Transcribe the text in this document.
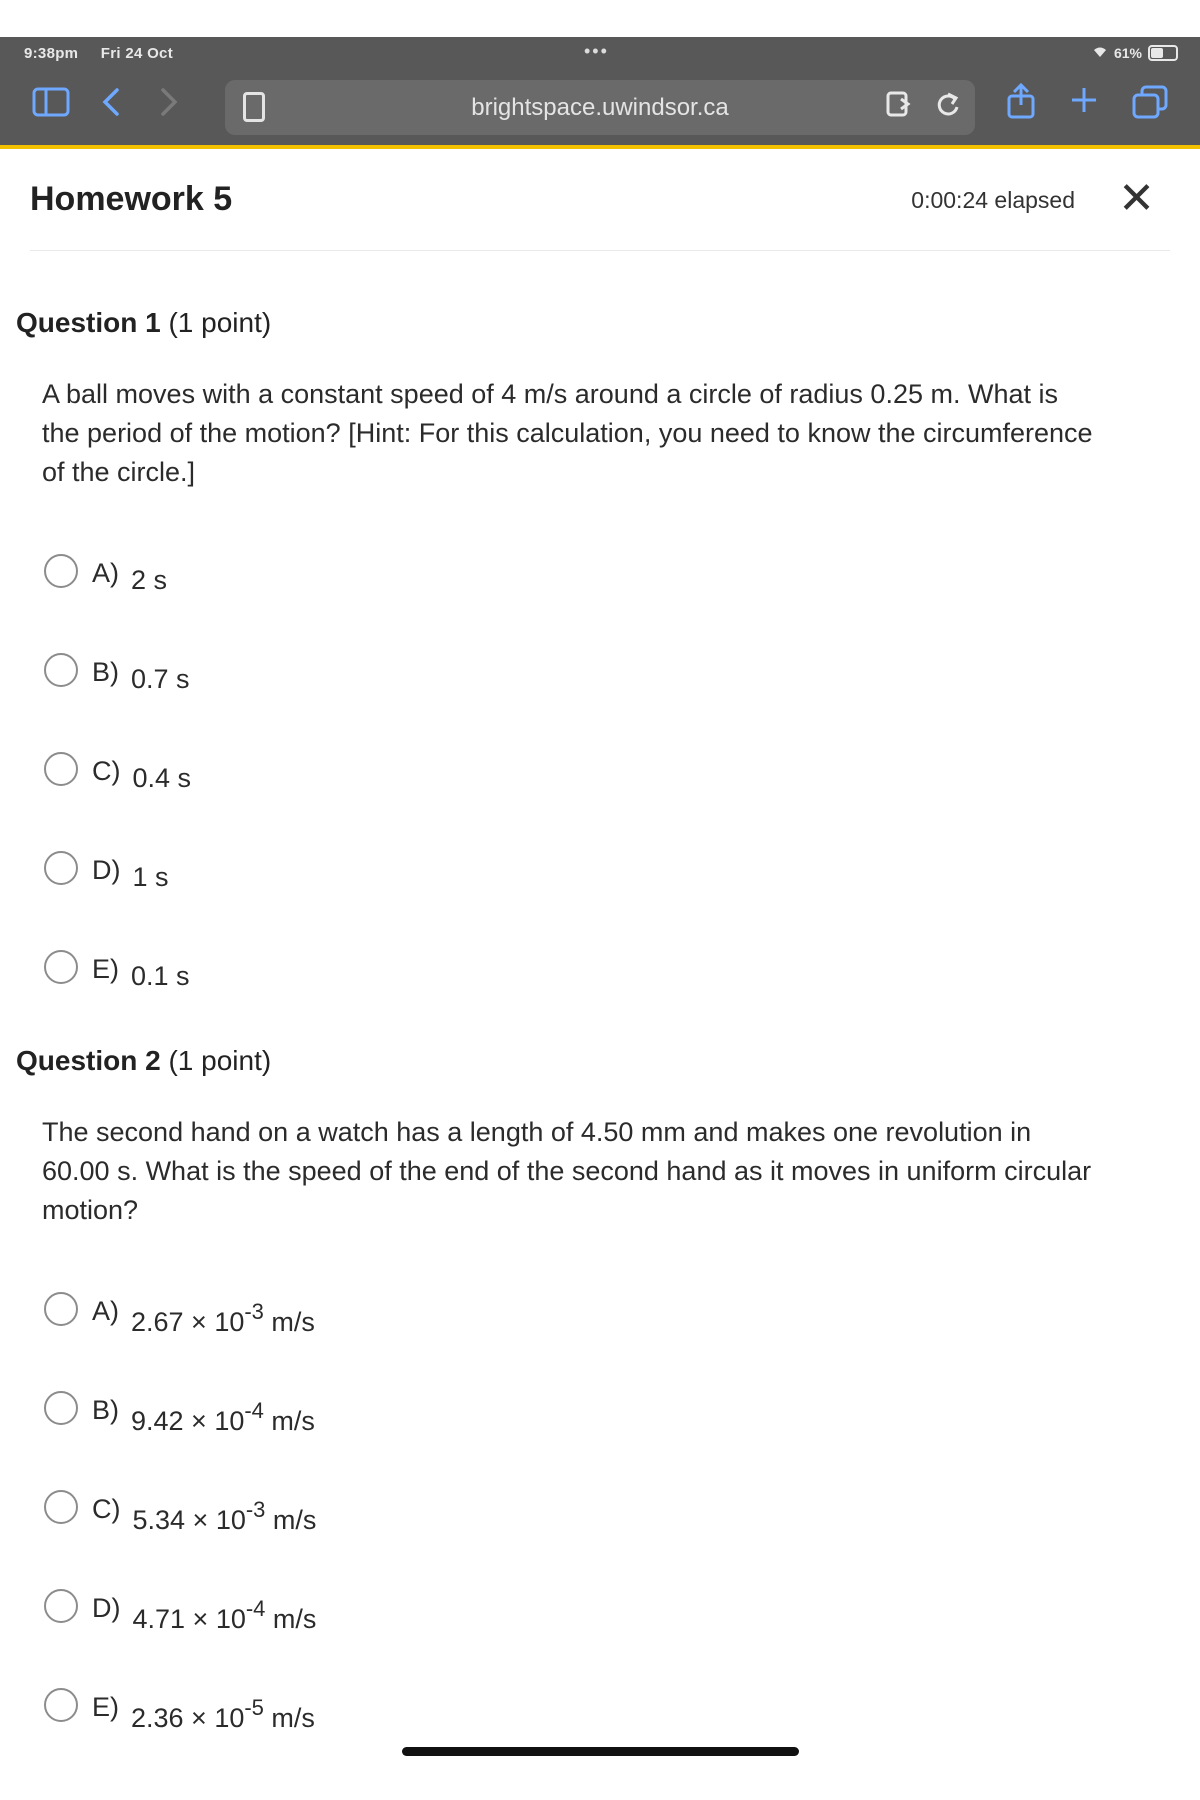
9:38pm Fri 24 Oct	•••	61%
brightspace.uwindsor.ca

Homework 5	0:00:24 elapsed ✕
Question 1 (1 point)
A ball moves with a constant speed of 4 m/s around a circle of radius 0.25 m. What is the period of the motion? [Hint: For this calculation, you need to know the circumference of the circle.]
A) 2 s
B) 0.7 s
C) 0.4 s
D) 1 s
E) 0.1 s
Question 2 (1 point)
The second hand on a watch has a length of 4.50 mm and makes one revolution in 60.00 s. What is the speed of the end of the second hand as it moves in uniform circular motion?
A) $2.67 \times 10^{-3}$ m/s
B) $9.42 \times 10^{-4}$ m/s
C) $5.34 \times 10^{-3}$ m/s
D) $4.71 \times 10^{-4}$ m/s
E) $2.36 \times 10^{-5}$ m/s
